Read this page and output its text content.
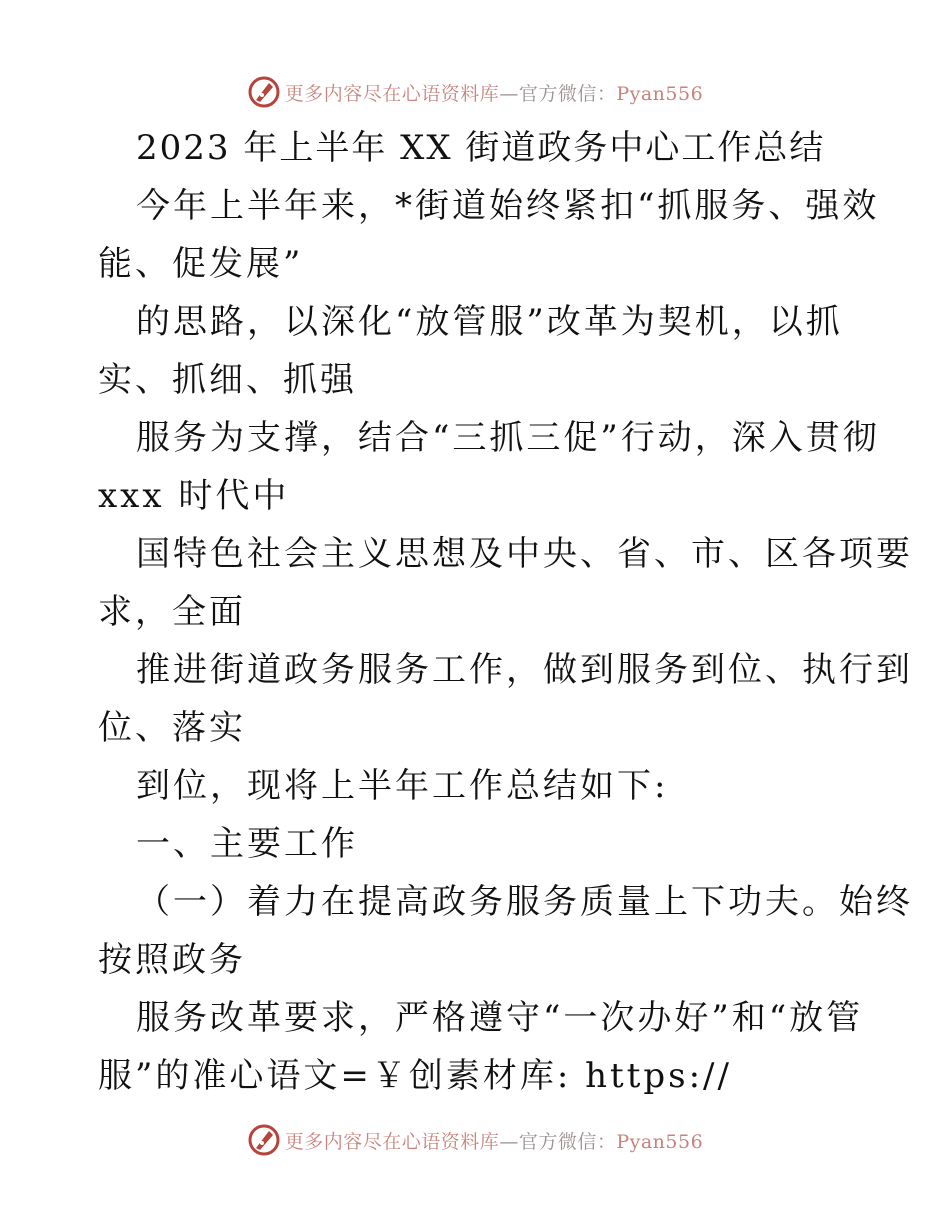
更多内容尽在心语资料库—官方微信：Pyan556
2023 年上半年 XX 街道政务中心工作总结
今年上半年来，*街道始终紧扣“抓服务、强效
能、促发展”
的思路，以深化“放管服”改革为契机，以抓
实、抓细、抓强
服务为支撑，结合“三抓三促”行动，深入贯彻
xxx 时代中
国特色社会主义思想及中央、省、市、区各项要
求，全面
推进街道政务服务工作，做到服务到位、执行到
位、落实
到位，现将上半年工作总结如下:
一、主要工作
（一）着力在提高政务服务质量上下功夫。始终
按照政务
服务改革要求，严格遵守“一次办好”和“放管
服”的准心语文=￥创素材库: https://
更多内容尽在心语资料库—官方微信：Pyan556
